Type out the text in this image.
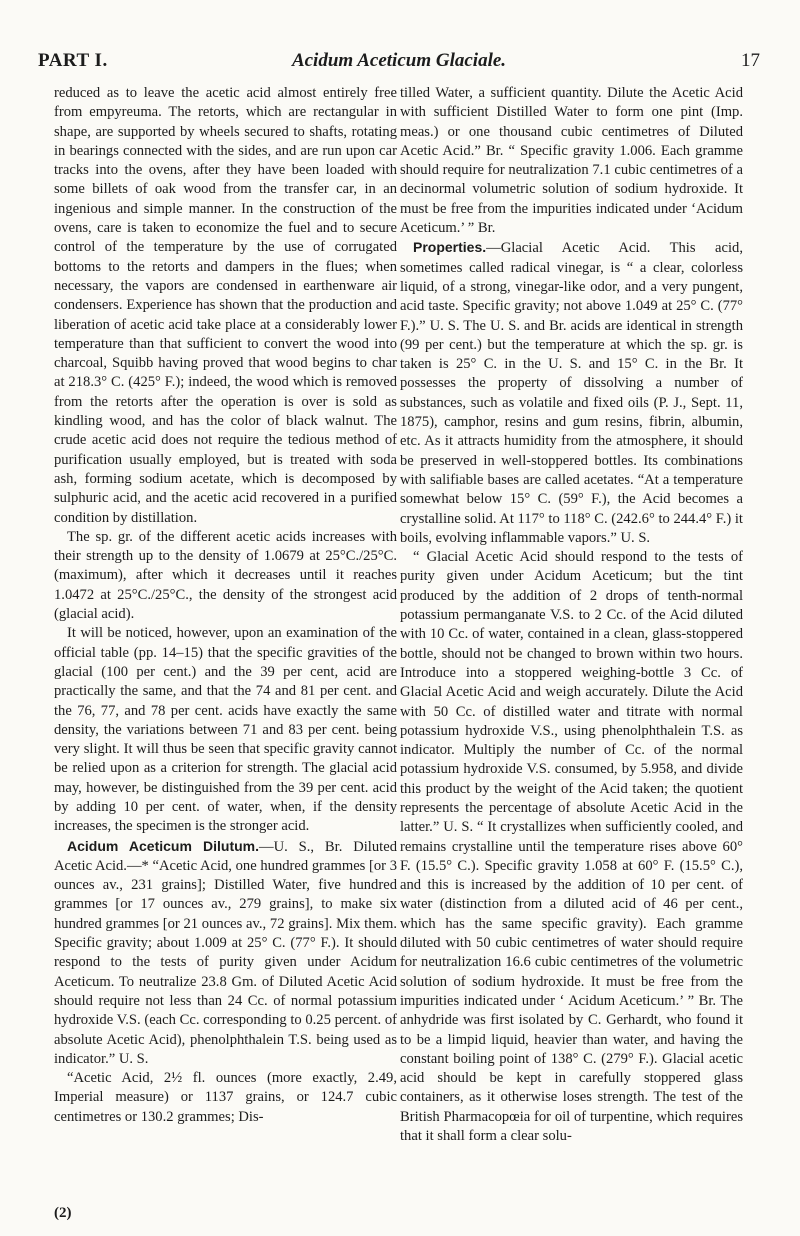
PART I.	Acidum Aceticum Glaciale.	17

reduced as to leave the acetic acid almost entirely free from empyreuma. The retorts, which are rectangular in shape, are supported by wheels secured to shafts, rotating in bearings connected with the sides, and are run upon car tracks into the ovens, after they have been loaded with some billets of oak wood from the transfer car, in an ingenious and simple manner. In the construction of the ovens, care is taken to economize the fuel and to secure control of the temperature by the use of corrugated bottoms to the retorts and dampers in the flues; when necessary, the vapors are condensed in earthenware air condensers. Experience has shown that the production and liberation of acetic acid take place at a considerably lower temperature than that sufficient to convert the wood into charcoal, Squibb having proved that wood begins to char at 218.3° C. (425° F.); indeed, the wood which is removed from the retorts after the operation is over is sold as kindling wood, and has the color of black walnut. The crude acetic acid does not require the tedious method of purification usually employed, but is treated with soda ash, forming sodium acetate, which is decomposed by sulphuric acid, and the acetic acid recovered in a purified condition by distillation.

The sp. gr. of the different acetic acids increases with their strength up to the density of 1.0679 at 25°C./25°C. (maximum), after which it decreases until it reaches 1.0472 at 25°C./25°C., the density of the strongest acid (glacial acid).

It will be noticed, however, upon an examination of the official table (pp. 14–15) that the specific gravities of the glacial (100 per cent.) and the 39 per cent, acid are practically the same, and that the 74 and 81 per cent. and the 76, 77, and 78 per cent. acids have exactly the same density, the variations between 71 and 83 per cent. being very slight. It will thus be seen that specific gravity cannot be relied upon as a criterion for strength. The glacial acid may, however, be distinguished from the 39 per cent. acid by adding 10 per cent. of water, when, if the density increases, the specimen is the stronger acid.

Acidum Aceticum Dilutum.—U. S., Br. Diluted Acetic Acid.—* “Acetic Acid, one hundred grammes [or 3 ounces av., 231 grains]; Distilled Water, five hundred grammes [or 17 ounces av., 279 grains], to make six hundred grammes [or 21 ounces av., 72 grains]. Mix them. Specific gravity; about 1.009 at 25° C. (77° F.). It should respond to the tests of purity given under Acidum Aceticum. To neutralize 23.8 Gm. of Diluted Acetic Acid should require not less than 24 Cc. of normal potassium hydroxide V.S. (each Cc. corresponding to 0.25 percent. of absolute Acetic Acid), phenolphthalein T.S. being used as indicator.” U. S.

“Acetic Acid, 2½ fl. ounces (more exactly, 2.49, Imperial measure) or 1137 grains, or 124.7 cubic centimetres or 130.2 grammes; Dis-

(2)

tilled Water, a sufficient quantity. Dilute the Acetic Acid with sufficient Distilled Water to form one pint (Imp. meas.) or one thousand cubic centimetres of Diluted Acetic Acid.” Br. “ Specific gravity 1.006. Each gramme should require for neutralization 7.1 cubic centimetres of a decinormal volumetric solution of sodium hydroxide. It must be free from the impurities indicated under ‘Acidum Aceticum.’ ” Br.

Properties.—Glacial Acetic Acid. This acid, sometimes called radical vinegar, is “ a clear, colorless liquid, of a strong, vinegar-like odor, and a very pungent, acid taste. Specific gravity; not above 1.049 at 25° C. (77° F.).” U. S. The U. S. and Br. acids are identical in strength (99 per cent.) but the temperature at which the sp. gr. is taken is 25° C. in the U. S. and 15° C. in the Br. It possesses the property of dissolving a number of substances, such as volatile and fixed oils (P. J., Sept. 11, 1875), camphor, resins and gum resins, fibrin, albumin, etc. As it attracts humidity from the atmosphere, it should be preserved in well-stoppered bottles. Its combinations with salifiable bases are called acetates. “At a temperature somewhat below 15° C. (59° F.), the Acid becomes a crystalline solid. At 117° to 118° C. (242.6° to 244.4° F.) it boils, evolving inflammable vapors.” U. S.

“ Glacial Acetic Acid should respond to the tests of purity given under Acidum Aceticum; but the tint produced by the addition of 2 drops of tenth-normal potassium permanganate V.S. to 2 Cc. of the Acid diluted with 10 Cc. of water, contained in a clean, glass-stoppered bottle, should not be changed to brown within two hours. Introduce into a stoppered weighing-bottle 3 Cc. of Glacial Acetic Acid and weigh accurately. Dilute the Acid with 50 Cc. of distilled water and titrate with normal potassium hydroxide V.S., using phenolphthalein T.S. as indicator. Multiply the number of Cc. of the normal potassium hydroxide V.S. consumed, by 5.958, and divide this product by the weight of the Acid taken; the quotient represents the percentage of absolute Acetic Acid in the latter.” U. S. “ It crystallizes when sufficiently cooled, and remains crystalline until the temperature rises above 60° F. (15.5° C.). Specific gravity 1.058 at 60° F. (15.5° C.), and this is increased by the addition of 10 per cent. of water (distinction from a diluted acid of 46 per cent., which has the same specific gravity). Each gramme diluted with 50 cubic centimetres of water should require for neutralization 16.6 cubic centimetres of the volumetric solution of sodium hydroxide. It must be free from the impurities indicated under ‘ Acidum Aceticum.’ ” Br. The anhydride was first isolated by C. Gerhardt, who found it to be a limpid liquid, heavier than water, and having the constant boiling point of 138° C. (279° F.). Glacial acetic acid should be kept in carefully stoppered glass containers, as it otherwise loses strength. The test of the British Pharmacopœia for oil of turpentine, which requires that it shall form a clear solu-
